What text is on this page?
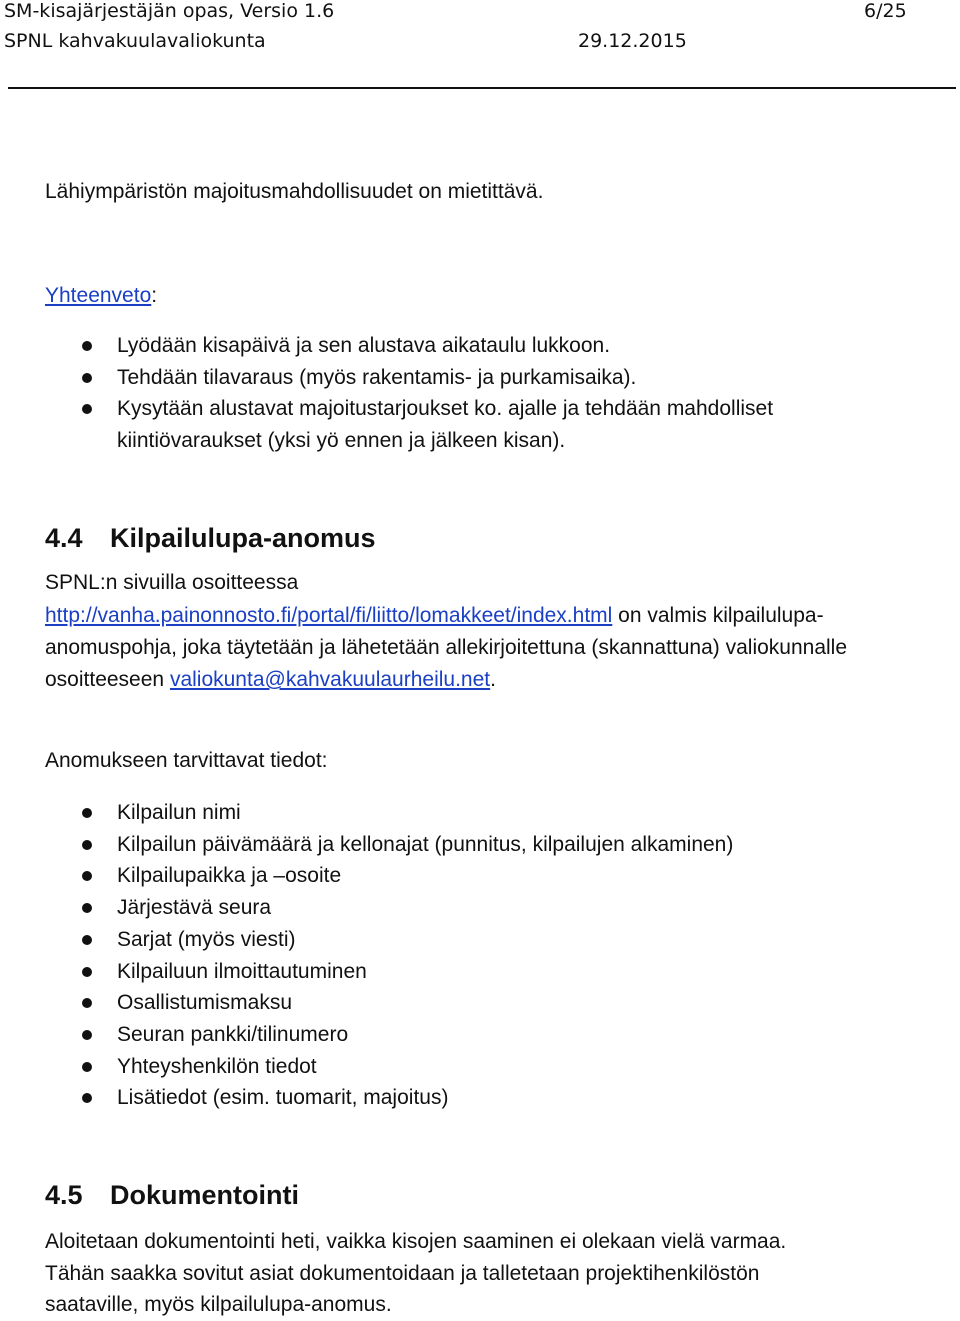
SM-kisajärjestäjän opas, Versio 1.6	6/25
SPNL kahvakuulavaliokunta	29.12.2015
Lähiympäristön majoitusmahdollisuudet on mietittävä.
Yhteenveto:
Lyödään kisapäivä ja sen alustava aikataulu lukkoon.
Tehdään tilavaraus (myös rakentamis- ja purkamisaika).
Kysytään alustavat majoitustarjoukset ko. ajalle ja tehdään mahdolliset
kiintiövaraukset (yksi yö ennen ja jälkeen kisan).
4.4 Kilpailulupa-anomus
SPNL:n sivuilla osoitteessa
http://vanha.painonnosto.fi/portal/fi/liitto/lomakkeet/index.html on valmis kilpailulupa-
anomuspohja, joka täytetään ja lähetetään allekirjoitettuna (skannattuna) valiokunnalle
osoitteeseen valiokunta@kahvakuulaurheilu.net.
Anomukseen tarvittavat tiedot:
Kilpailun nimi
Kilpailun päivämäärä ja kellonajat (punnitus, kilpailujen alkaminen)
Kilpailupaikka ja –osoite
Järjestävä seura
Sarjat (myös viesti)
Kilpailuun ilmoittautuminen
Osallistumismaksu
Seuran pankki/tilinumero
Yhteyshenkilön tiedot
Lisätiedot (esim. tuomarit, majoitus)
4.5 Dokumentointi
Aloitetaan dokumentointi heti, vaikka kisojen saaminen ei olekaan vielä varmaa.
Tähän saakka sovitut asiat dokumentoidaan ja talletetaan projektihenkilöstön
saataville, myös kilpailulupa-anomus.
